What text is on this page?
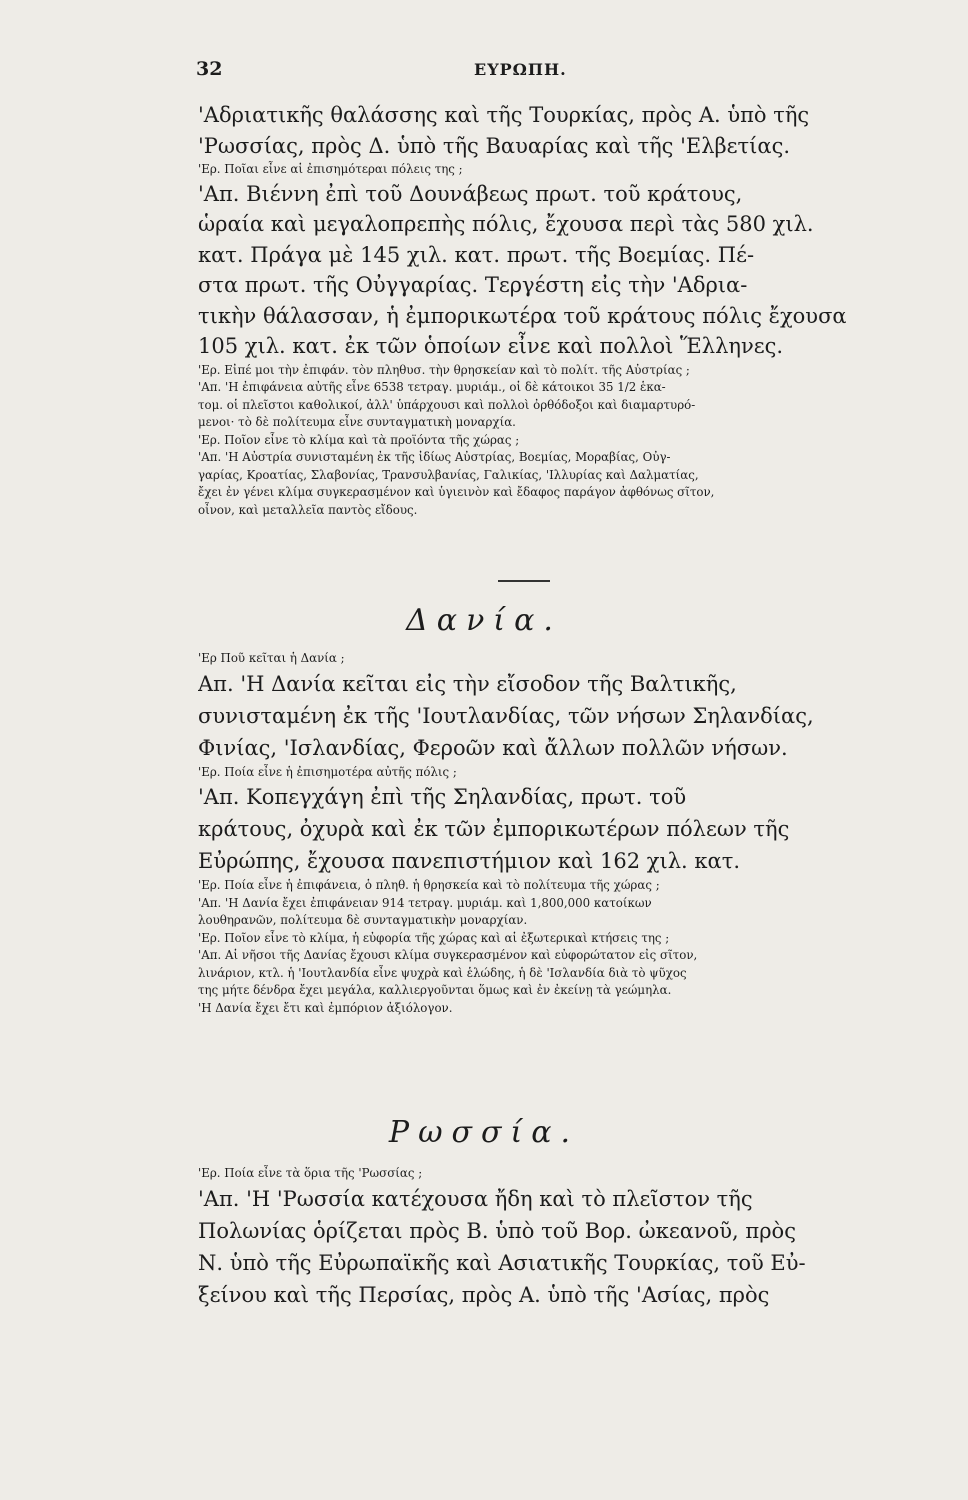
32	ΕΥΡΩΠΗ.
'Αδριατικῆς θαλάσσης καὶ τῆς Τουρκίας, πρὸς Α. ὑπὸ τῆς
'Ρωσσίας, πρὸς Δ. ὑπὸ τῆς Βαυαρίας καὶ τῆς 'Ελβετίας.
'Ερ. Ποῖαι εἶνε αἱ ἐπισημότεραι πόλεις της ;
'Απ. Βιέννη ἐπὶ τοῦ Δουνάβεως πρωτ. τοῦ κράτους,
ὡραία καὶ μεγαλοπρεπὴς πόλις, ἔχουσα περὶ τὰς 580 χιλ.
κατ. Πράγα μὲ 145 χιλ. κατ. πρωτ. τῆς Βοεμίας. Πέ-
στα πρωτ. τῆς Οὐγγαρίας. Τεργέστη εἰς τὴν 'Αδρια-
τικὴν θάλασσαν, ἡ ἐμπορικωτέρα τοῦ κράτους πόλις ἔχουσα
105 χιλ. κατ. ἐκ τῶν ὁποίων εἶνε καὶ πολλοὶ Ἕλληνες.
'Ερ. Εἰπέ μοι τὴν ἐπιφάν. τὸν πληθυσ. τὴν θρησκείαν καὶ τὸ πολίτ. τῆς Αὐστρίας ;
'Απ. 'Η ἐπιφάνεια αὐτῆς εἶνε 6538 τετραγ. μυριάμ., οἱ δὲ κάτοικοι 35 1/2 ἑκα-
τομ. οἱ πλεῖστοι καθολικοί, ἀλλ' ὑπάρχουσι καὶ πολλοὶ ὀρθόδοξοι καὶ διαμαρτυρό-
μενοι· τὸ δὲ πολίτευμα εἶνε συνταγματικὴ μοναρχία.
'Ερ. Ποῖον εἶνε τὸ κλίμα καὶ τὰ προϊόντα τῆς χώρας ;
'Απ. 'Η Αὐστρία συνισταμένη ἐκ τῆς ἰδίως Αὐστρίας, Βοεμίας, Μοραβίας, Οὐγ-
γαρίας, Κροατίας, Σλαβονίας, Τρανσυλβανίας, Γαλικίας, 'Ιλλυρίας καὶ Δαλματίας,
ἔχει ἐν γένει κλίμα συγκερασμένον καὶ ὑγιεινὸν καὶ ἔδαφος παράγον ἀφθόνως σῖτον,
οἶνον, καὶ μεταλλεῖα παντὸς εἴδους.
Δανία.
'Ερ Ποῦ κεῖται ἡ Δανία ;
Απ. 'Η Δανία κεῖται εἰς τὴν εἴσοδον τῆς Βαλτικῆς,
συνισταμένη ἐκ τῆς 'Ιουτλανδίας, τῶν νήσων Σηλανδίας,
Φινίας, 'Ισλανδίας, Φεροῶν καὶ ἄλλων πολλῶν νήσων.
'Ερ. Ποία εἶνε ἡ ἐπισημοτέρα αὐτῆς πόλις ;
'Απ. Κοπεγχάγη ἐπὶ τῆς Σηλανδίας, πρωτ. τοῦ
κράτους, ὀχυρὰ καὶ ἐκ τῶν ἐμπορικωτέρων πόλεων τῆς
Εὐρώπης, ἔχουσα πανεπιστήμιον καὶ 162 χιλ. κατ.
'Ερ. Ποία εἶνε ἡ ἐπιφάνεια, ὁ πληθ. ἡ θρησκεία καὶ τὸ πολίτευμα τῆς χώρας ;
'Απ. 'Η Δανία ἔχει ἐπιφάνειαν 914 τετραγ. μυριάμ. καὶ 1,800,000 κατοίκων
λουθηρανῶν, πολίτευμα δὲ συνταγματικὴν μοναρχίαν.
'Ερ. Ποῖον εἶνε τὸ κλίμα, ἡ εὐφορία τῆς χώρας καὶ αἱ ἐξωτερικαὶ κτήσεις της ;
'Απ. Αἱ νῆσοι τῆς Δανίας ἔχουσι κλίμα συγκερασμένον καὶ εὐφορώτατον εἰς σῖτον,
λινάριον, κτλ. ἡ 'Ιουτλανδία εἶνε ψυχρὰ καὶ ἑλώδης, ἡ δὲ 'Ισλανδία διὰ τὸ ψῦχος
της μήτε δένδρα ἔχει μεγάλα, καλλιεργοῦνται ὅμως καὶ ἐν ἐκείνῃ τὰ γεώμηλα.
'Η Δανία ἔχει ἔτι καὶ ἐμπόριον ἀξιόλογον.
Ρωσσία.
'Ερ. Ποία εἶνε τὰ ὅρια τῆς 'Ρωσσίας ;
'Απ. 'Η 'Ρωσσία κατέχουσα ἤδη καὶ τὸ πλεῖστον τῆς
Πολωνίας ὁρίζεται πρὸς Β. ὑπὸ τοῦ Βορ. ὠκεανοῦ, πρὸς
Ν. ὑπὸ τῆς Εὐρωπαϊκῆς καὶ Ασιατικῆς Τουρκίας, τοῦ Εὐ-
ξείνου καὶ τῆς Περσίας, πρὸς Α. ὑπὸ τῆς 'Ασίας, πρὸς
